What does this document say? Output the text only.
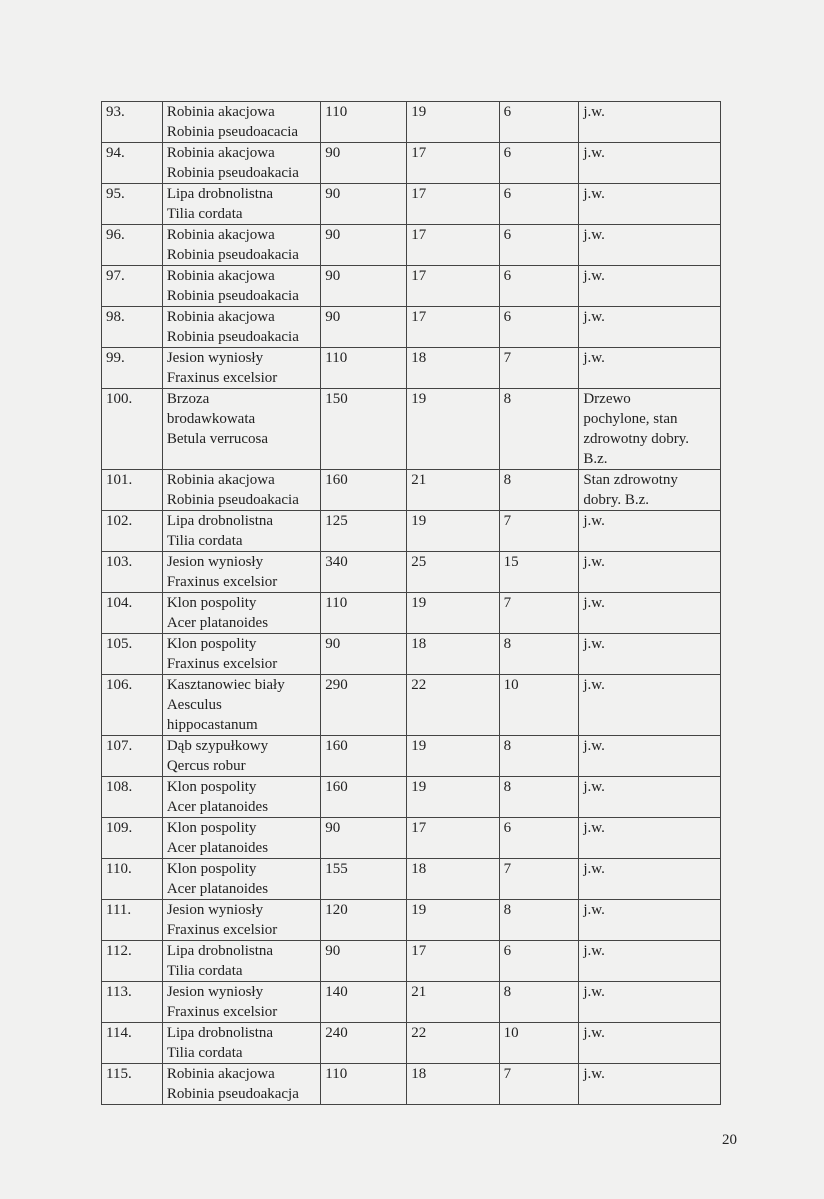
93.	Robinia akacjowa
Robinia pseudoacacia	110	19	6	j.w.
94.	Robinia akacjowa
Robinia pseudoakacia	90	17	6	j.w.
95.	Lipa drobnolistna
Tilia cordata	90	17	6	j.w.
96.	Robinia akacjowa
Robinia pseudoakacia	90	17	6	j.w.
97.	Robinia akacjowa
Robinia pseudoakacia	90	17	6	j.w.
98.	Robinia akacjowa
Robinia pseudoakacia	90	17	6	j.w.
99.	Jesion wyniosły
Fraxinus excelsior	110	18	7	j.w.
100.	Brzoza
brodawkowata
Betula verrucosa	150	19	8	Drzewo
pochylone, stan
zdrowotny dobry.
B.z.
101.	Robinia akacjowa
Robinia pseudoakacia	160	21	8	Stan zdrowotny
dobry. B.z.
102.	Lipa drobnolistna
Tilia cordata	125	19	7	j.w.
103.	Jesion wyniosły
Fraxinus excelsior	340	25	15	j.w.
104.	Klon pospolity
Acer platanoides	110	19	7	j.w.
105.	Klon pospolity
Fraxinus excelsior	90	18	8	j.w.
106.	Kasztanowiec biały
Aesculus
hippocastanum	290	22	10	j.w.
107.	Dąb szypułkowy
Qercus robur	160	19	8	j.w.
108.	Klon pospolity
Acer platanoides	160	19	8	j.w.
109.	Klon pospolity
Acer platanoides	90	17	6	j.w.
110.	Klon pospolity
Acer platanoides	155	18	7	j.w.
111.	Jesion wyniosły
Fraxinus excelsior	120	19	8	j.w.
112.	Lipa drobnolistna
Tilia cordata	90	17	6	j.w.
113.	Jesion wyniosły
Fraxinus excelsior	140	21	8	j.w.
114.	Lipa drobnolistna
Tilia cordata	240	22	10	j.w.
115.	Robinia akacjowa
Robinia pseudoakacja	110	18	7	j.w.
20
